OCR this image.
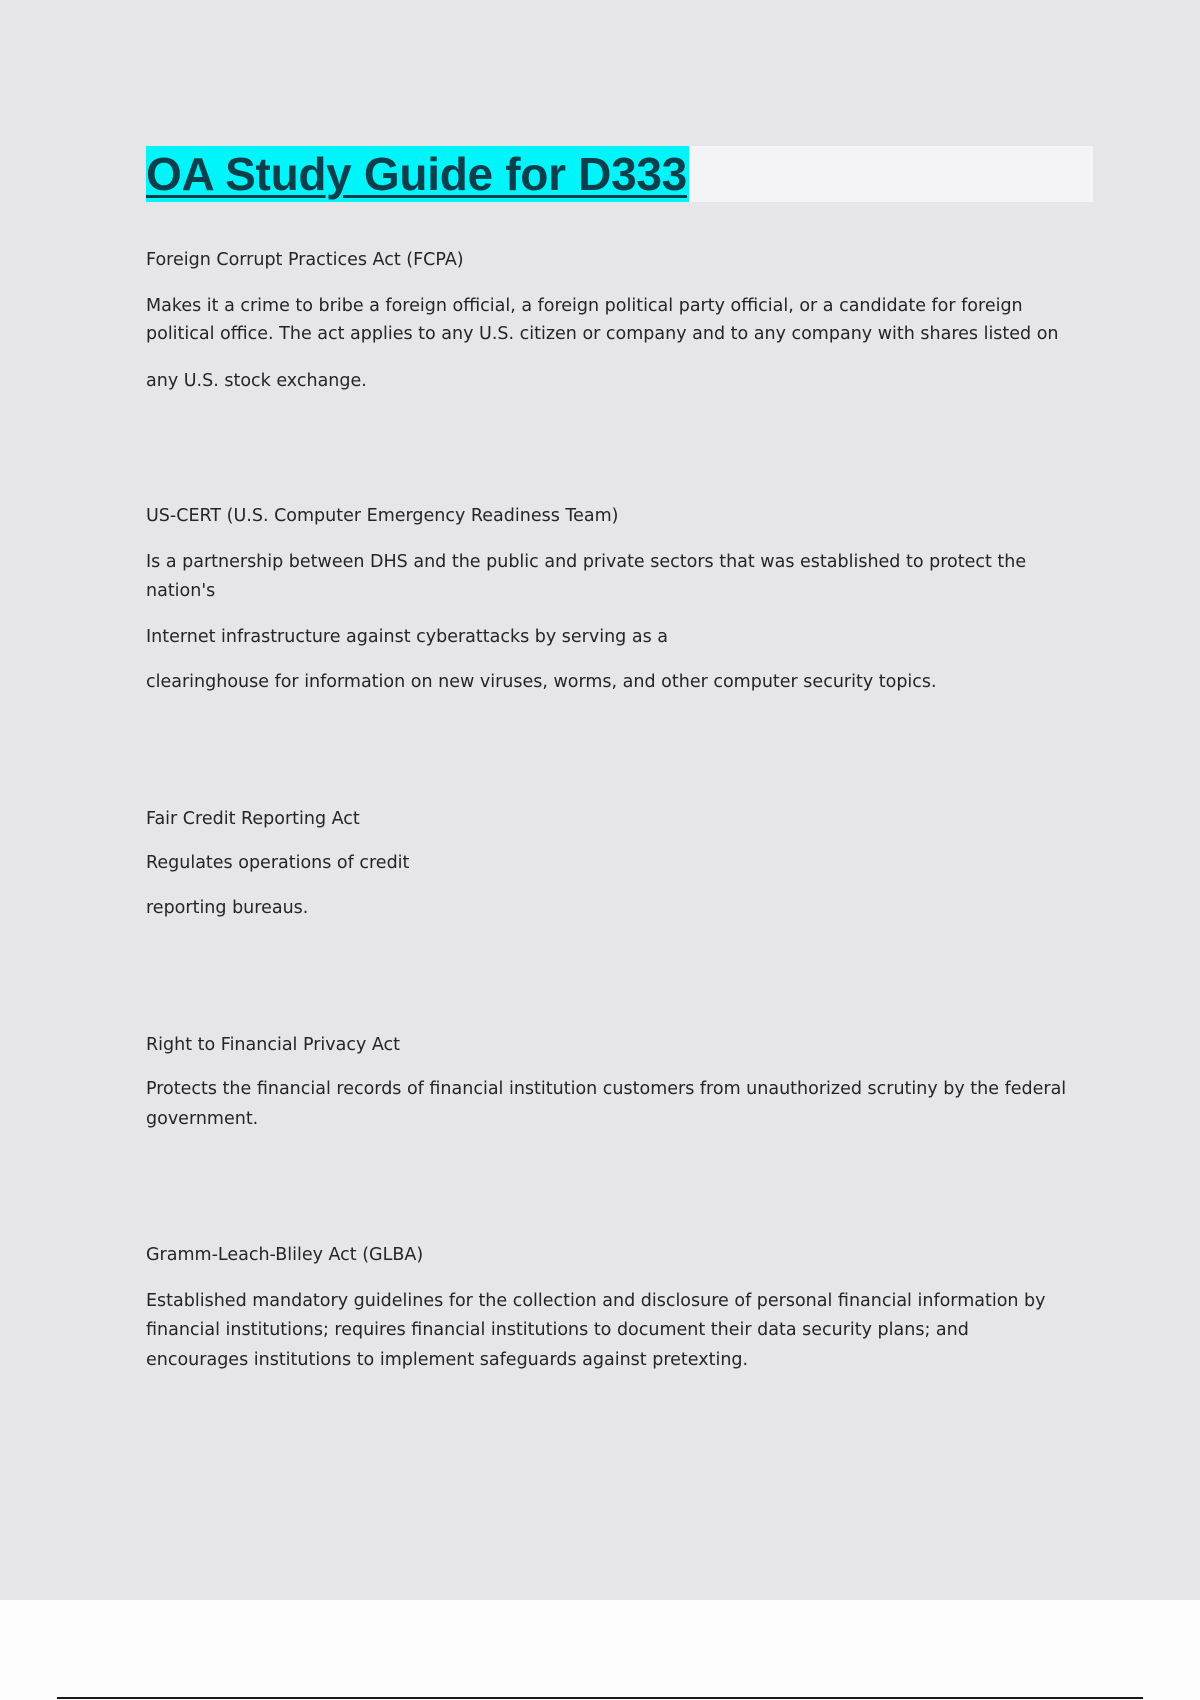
OA Study Guide for D333
Foreign Corrupt Practices Act (FCPA)
Makes it a crime to bribe a foreign official, a foreign political party official, or a candidate for foreign
political office. The act applies to any U.S. citizen or company and to any company with shares listed on
any U.S. stock exchange.
US-CERT (U.S. Computer Emergency Readiness Team)
Is a partnership between DHS and the public and private sectors that was established to protect the
nation's
Internet infrastructure against cyberattacks by serving as a
clearinghouse for information on new viruses, worms, and other computer security topics.
Fair Credit Reporting Act
Regulates operations of credit
reporting bureaus.
Right to Financial Privacy Act
Protects the financial records of financial institution customers from unauthorized scrutiny by the federal
government.
Gramm-Leach-Bliley Act (GLBA)
Established mandatory guidelines for the collection and disclosure of personal financial information by
financial institutions; requires financial institutions to document their data security plans; and
encourages institutions to implement safeguards against pretexting.
